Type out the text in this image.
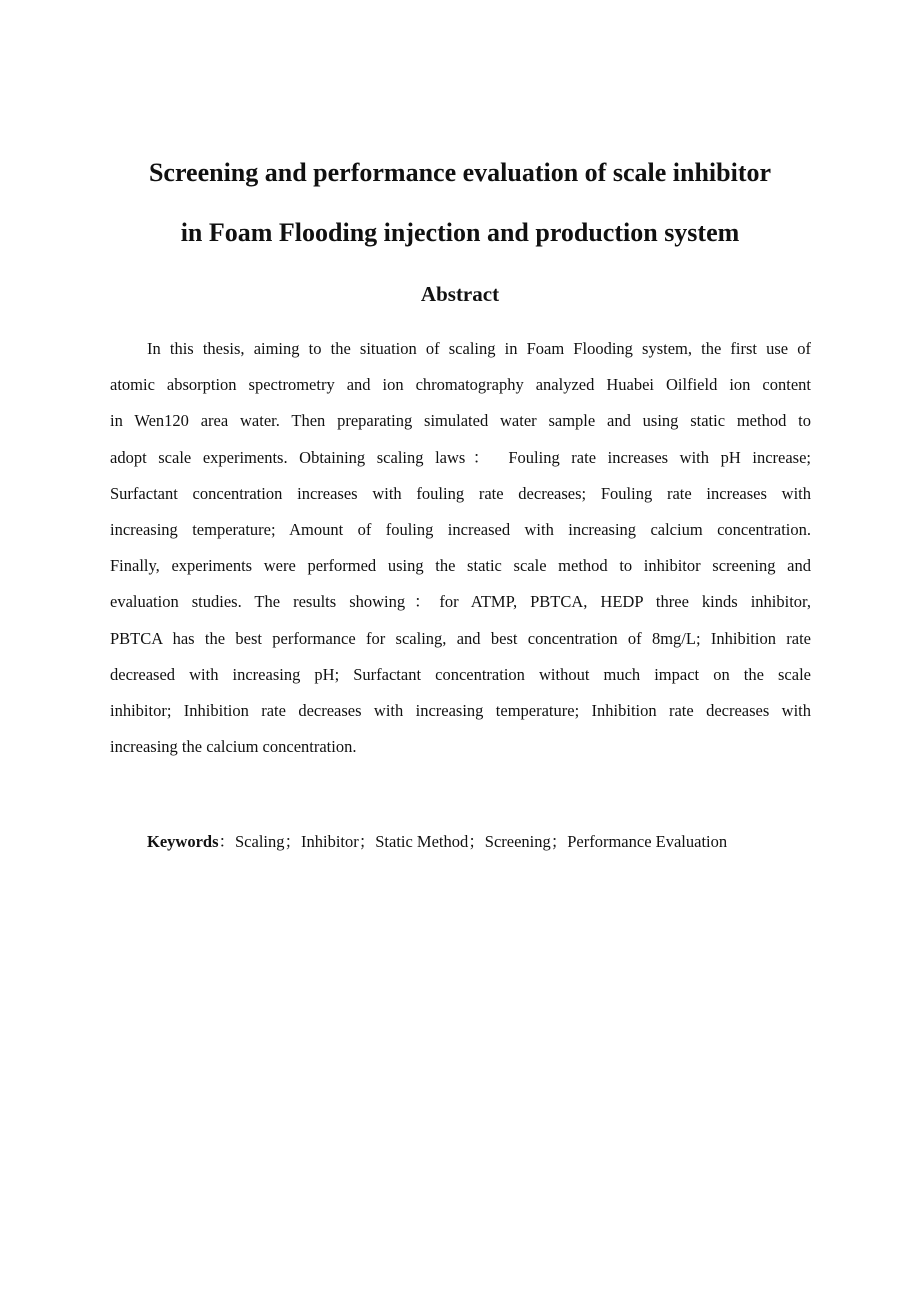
Screening and performance evaluation of scale inhibitor
in Foam Flooding injection and production system
Abstract
In this thesis, aiming to the situation of scaling in Foam Flooding system, the first use of
atomic absorption spectrometry and ion chromatography analyzed Huabei Oilfield ion content
in Wen120 area water. Then preparating simulated water sample and using static method to
adopt scale experiments. Obtaining scaling laws： Fouling rate increases with pH increase;
Surfactant concentration increases with fouling rate decreases; Fouling rate increases with
increasing temperature; Amount of fouling increased with increasing calcium concentration.
Finally, experiments were performed using the static scale method to inhibitor screening and
evaluation studies. The results showing：for ATMP, PBTCA, HEDP three kinds inhibitor,
PBTCA has the best performance for scaling, and best concentration of 8mg/L; Inhibition rate
decreased with increasing pH; Surfactant concentration without much impact on the scale
inhibitor; Inhibition rate decreases with increasing temperature; Inhibition rate decreases with
increasing the calcium concentration.
Keywords：Scaling；Inhibitor；Static Method；Screening；Performance Evaluation
